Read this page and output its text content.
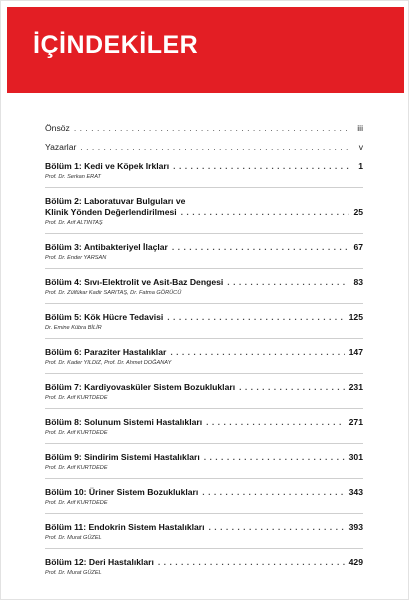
İÇİNDEKİLER
Önsöz . . .	iii
Yazarlar . . .	v
Bölüm 1: Kedi ve Köpek Irkları . . .	1
Prof. Dr. Serkan ERAT
Bölüm 2: Laboratuvar Bulguları ve
Klinik Yönden Değerlendirilmesi . . .	25
Prof. Dr. Arif ALTINTAŞ
Bölüm 3: Antibakteriyel İlaçlar . . .	67
Prof. Dr. Ender YARSAN
Bölüm 4: Sıvı-Elektrolit ve Asit-Baz Dengesi . . .	83
Prof. Dr. Zülfükar Kadir SARITAŞ, Dr. Fatma GÖRÜCÜ
Bölüm 5: Kök Hücre Tedavisi . . .	125
Dr. Emine Kübra BİLİR
Bölüm 6: Paraziter Hastalıklar . . .	147
Prof. Dr. Kader YILDIZ, Prof. Dr. Ahmet DOĞANAY
Bölüm 7: Kardiyovasküler Sistem Bozuklukları . . .	231
Prof. Dr. Arif KURTDEDE
Bölüm 8: Solunum Sistemi Hastalıkları . . .	271
Prof. Dr. Arif KURTDEDE
Bölüm 9: Sindirim Sistemi Hastalıkları . . .	301
Prof. Dr. Arif KURTDEDE
Bölüm 10: Üriner Sistem Bozuklukları . . .	343
Prof. Dr. Arif KURTDEDE
Bölüm 11: Endokrin Sistem Hastalıkları . . .	393
Prof. Dr. Murat GÜZEL
Bölüm 12: Deri Hastalıkları . . .	429
Prof. Dr. Murat GÜZEL
